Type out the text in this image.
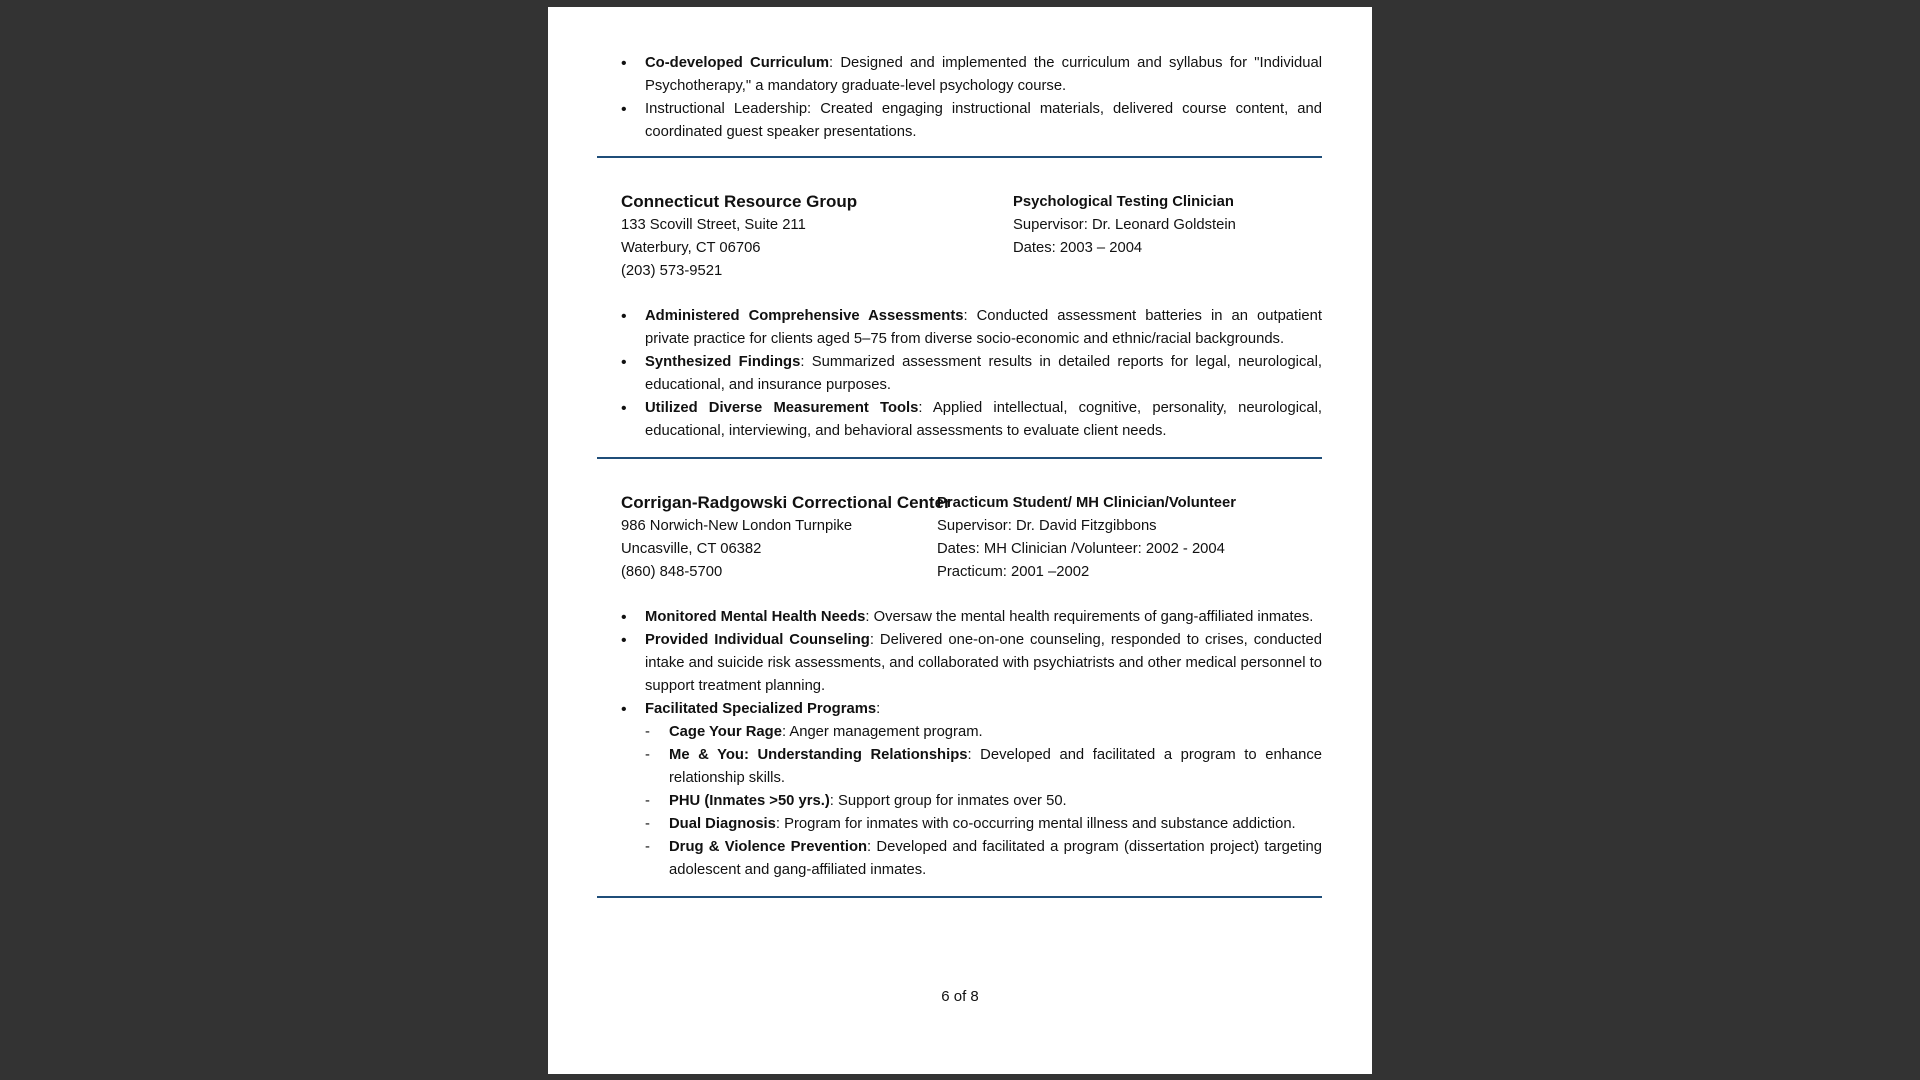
• Co-developed Curriculum: Designed and implemented the curriculum and syllabus for "Individual Psychotherapy," a mandatory graduate-level psychology course.
• Instructional Leadership: Created engaging instructional materials, delivered course content, and coordinated guest speaker presentations.
Connecticut Resource Group
133 Scovill Street, Suite 211
Waterbury, CT 06706
(203) 573-9521
Psychological Testing Clinician
Supervisor: Dr. Leonard Goldstein
Dates: 2003 – 2004
• Administered Comprehensive Assessments: Conducted assessment batteries in an outpatient private practice for clients aged 5–75 from diverse socio-economic and ethnic/racial backgrounds.
• Synthesized Findings: Summarized assessment results in detailed reports for legal, neurological, educational, and insurance purposes.
• Utilized Diverse Measurement Tools: Applied intellectual, cognitive, personality, neurological, educational, interviewing, and behavioral assessments to evaluate client needs.
Corrigan-Radgowski Correctional Center
986 Norwich-New London Turnpike
Uncasville, CT 06382
(860) 848-5700
Practicum Student/ MH Clinician/Volunteer
Supervisor: Dr. David Fitzgibbons
Dates: MH Clinician /Volunteer: 2002 - 2004
Practicum: 2001 –2002
• Monitored Mental Health Needs: Oversaw the mental health requirements of gang-affiliated inmates.
• Provided Individual Counseling: Delivered one-on-one counseling, responded to crises, conducted intake and suicide risk assessments, and collaborated with psychiatrists and other medical personnel to support treatment planning.
• Facilitated Specialized Programs:
- Cage Your Rage: Anger management program.
- Me & You: Understanding Relationships: Developed and facilitated a program to enhance relationship skills.
- PHU (Inmates >50 yrs.): Support group for inmates over 50.
- Dual Diagnosis: Program for inmates with co-occurring mental illness and substance addiction.
- Drug & Violence Prevention: Developed and facilitated a program (dissertation project) targeting adolescent and gang-affiliated inmates.
6 of 8
